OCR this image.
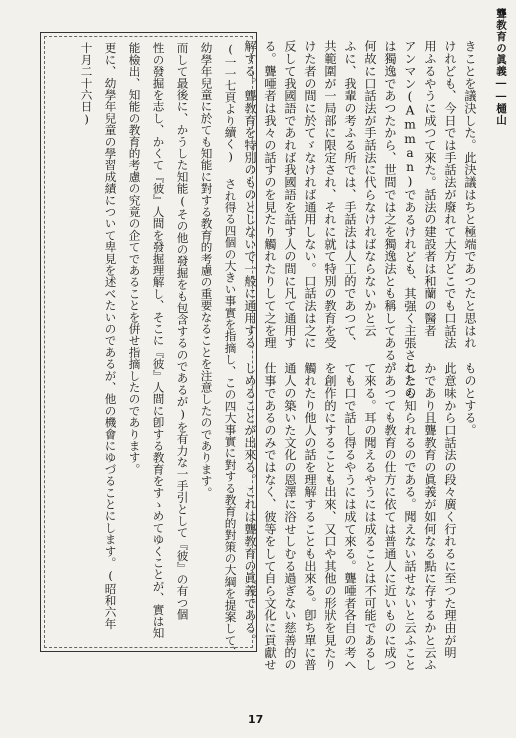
聾教育の眞義――樋山
きことを議決した。此決議はちと極端であつたと思はれ
けれども、今日では手話法が廢れて大方どこでも口話法
用ふるやうに成つて來た。話法の建設者は和蘭の醫者
アンマン(Amman)であるけれども、其强く主張されたの
は獨逸であつたから、世間では之を獨逸法とも稱してある。
何故に口話法が手話法に代らなければならないかと云
ふに、我輩の考ふる所では、手話法は人工的であつて、
共範圍が一局部に限定され、それに就て特別の教育を受
けた者の間に於てゞなければ通用しない。口話法は之に
反して我國語であれば我國語を話す人の間に凡て通用す
る。聾唖者は我々の話すのを見たり觸れたりして之を理
解する。聾教育を特別のものとしないで一般に通用する
ものとする。
此意味から口話法の段々廣く行れるに至つた理由が明
かであり且聾教育の眞義が如何なる點に存するかと云ふ
ことも知られるのである。聞えない話せないと云ふこと
があつても教育の仕方に依ては普通人に近いものに成つ
て來る。耳の聞えるやうには成ることは不可能であるし
ても口で話し得るやうには成て來る。聾唖者各自の考へ
を創作的にすることも出來、又口や其他の形狀を見たり
觸れたり他人の話を理解することも出來る。卽ち單に普
通人の築いた文化の恩澤に浴せしむる過ぎない慈善的の
仕事であるのみではなく、彼等をして自ら文化に貢獻せ
しめることが出來る。これは聾教育の眞義である。
(一一七頁より續く) され得る四個の大きい事實を指摘し、この四大事實に對する教育的對策の大綱を提案して、
幼學年兒童に於ても知能に對する教育的考慮の重要なることを注意したのであります。
而して最後に、かうした知能(その他の發掘をも包含するのであるが)を有力な一手引として『彼』の有つ個
性の發掘を志し、かくて『彼』人間を發掘理解し、そこに『彼』人間に卽する教育をすゝめてゆくことが、實は知
能檢出、知能の教育的考慮の究竟の企てであることを倂せ指摘したのであります。
更に、幼學年兒童の學習成績について卑見を述べたいのであるが、他の機會にゆづることにします。(昭和六年
十月二十六日)
17
